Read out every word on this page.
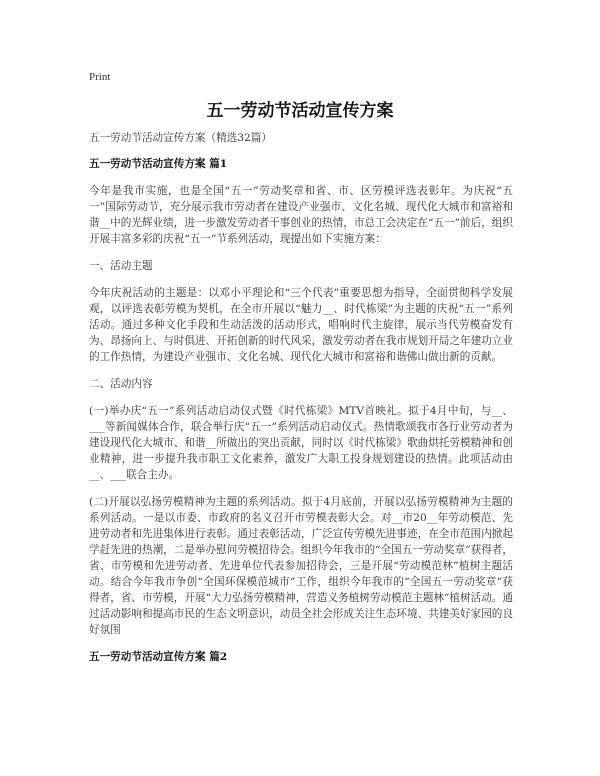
Print
五一劳动节活动宣传方案

五一劳动节活动宣传方案（精选32篇）

五一劳动节活动宣传方案 篇1

今年是我市实施，也是全国“五一”劳动奖章和省、市、区劳模评选表彰年。为庆祝“五一”国际劳动节，充分展示我市劳动者在建设产业强市、文化名城、现代化大城市和富裕和谐__中的光辉业绩，进一步激发劳动者干事创业的热情，市总工会决定在“五一”前后，组织开展丰富多彩的庆祝“五一”节系列活动，现提出如下实施方案：

一、活动主题

今年庆祝活动的主题是：以邓小平理论和“三个代表”重要思想为指导，全面贯彻科学发展观，以评选表彰劳模为契机，在全市开展以“魅力__、时代栋梁”为主题的庆祝“五一”系列活动。通过多种文化手段和生动活泼的活动形式，唱响时代主旋律，展示当代劳模奋发有为、昂扬向上、与时俱进、开拓创新的时代风采，激发劳动者在我市规划开局之年建功立业的工作热情，为建设产业强市、文化名城、现代化大城市和富裕和谐佛山做出新的贡献。

二、活动内容

(一)举办庆“五一”系列活动启动仪式暨《时代栋梁》MTV首映礼。拟于4月中旬，与__、___等新闻媒体合作，联合举行庆“五一”系列活动启动仪式。热情歌颂我市各行业劳动者为建设现代化大城市、和谐__所做出的突出贡献，同时以《时代栋梁》歌曲烘托劳模精神和创业精神，进一步提升我市职工文化素养，激发广大职工投身规划建设的热情。此项活动由__、___联合主办。

(二)开展以弘扬劳模精神为主题的系列活动。拟于4月底前，开展以弘扬劳模精神为主题的系列活动。一是以市委、市政府的名义召开市劳模表彰大会。对__市20__年劳动模范、先进劳动者和先进集体进行表彰。通过表彰活动，广泛宣传劳模先进事迹，在全市范围内掀起学赶先进的热潮，二是举办慰问劳模招待会。组织今年我市的“全国五一劳动奖章”获得者，省、市劳模和先进劳动者、先进单位代表参加招待会，三是开展“劳动模范林”植树主题活动。结合今年我市争创“全国环保模范城市”工作，组织今年我市的“全国五一劳动奖章”获得者，省、市劳模，开展“大力弘扬劳模精神，营造义务植树劳动模范主题林”植树活动。通过活动影响和提高市民的生态文明意识，动员全社会形成关注生态环境、共建美好家园的良好氛围

五一劳动节活动宣传方案 篇2
